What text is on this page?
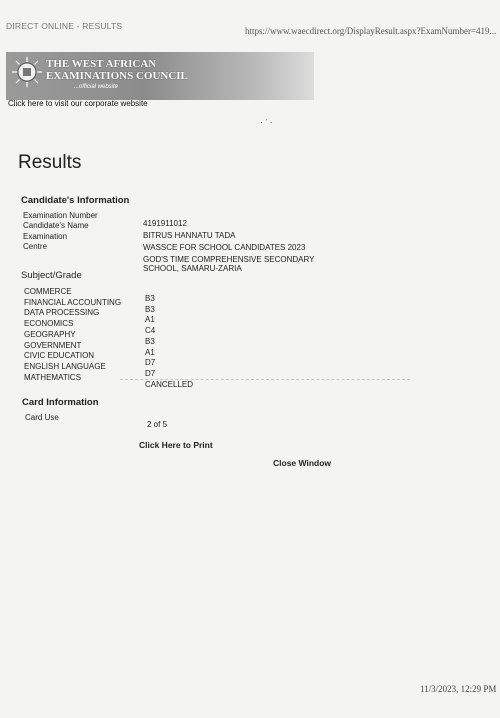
DIRECT ONLINE - RESULTS	https://www.waecdirect.org/DisplayResult.aspx?ExamNumber=419...
THE WEST AFRICAN
EXAMINATIONS COUNCIL
...official website
Click here to visit our corporate website
· ˈ ·
Results
Candidate's Information
Examination Number
Candidate's Name
Examination
Centre
4191911012
BITRUS HANNATU TADA
WASSCE FOR SCHOOL CANDIDATES 2023
GOD'S TIME COMPREHENSIVE SECONDARY
SCHOOL, SAMARU-ZARIA
Subject/Grade
COMMERCE
FINANCIAL ACCOUNTING
DATA PROCESSING
ECONOMICS
GEOGRAPHY
GOVERNMENT
CIVIC EDUCATION
ENGLISH LANGUAGE
MATHEMATICS
B3
B3
A1
C4
B3
A1
D7
D7
CANCELLED
Card Information
Card Use
2 of 5
Click Here to Print
Close Window
11/3/2023, 12:29 PM
